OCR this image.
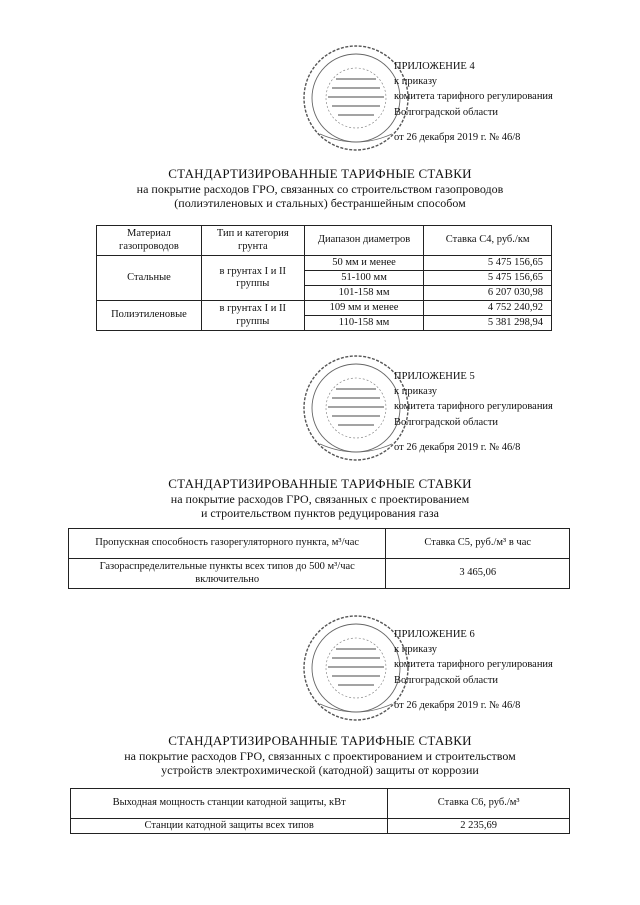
ПРИЛОЖЕНИЕ 4
к приказу
комитета тарифного регулирования
Волгоградской области
от 26 декабря 2019 г. № 46/8
СТАНДАРТИЗИРОВАННЫЕ ТАРИФНЫЕ СТАВКИ
на покрытие расходов ГРО, связанных со строительством газопроводов
(полиэтиленовых и стальных) бестраншейным способом
Материал газопроводов	Тип и категория грунта	Диапазон диаметров	Ставка С4, руб./км
Стальные	в грунтах I и II группы	50 мм и менее	5 475 156,65
		51-100 мм	5 475 156,65
		101-158 мм	6 207 030,98
Полиэтиленовые	в грунтах I и II группы	109 мм и менее	4 752 240,92
		110-158 мм	5 381 298,94
ПРИЛОЖЕНИЕ 5
к приказу
комитета тарифного регулирования
Волгоградской области
от 26 декабря 2019 г. № 46/8
СТАНДАРТИЗИРОВАННЫЕ ТАРИФНЫЕ СТАВКИ
на покрытие расходов ГРО, связанных с проектированием
и строительством пунктов редуцирования газа
Пропускная способность газорегуляторного пункта, м³/час	Ставка С5, руб./м³ в час
Газораспределительные пункты всех типов до 500 м³/час включительно	3 465,06
ПРИЛОЖЕНИЕ 6
к приказу
комитета тарифного регулирования
Волгоградской области
от 26 декабря 2019 г. № 46/8
СТАНДАРТИЗИРОВАННЫЕ ТАРИФНЫЕ СТАВКИ
на покрытие расходов ГРО, связанных с проектированием и строительством
устройств электрохимической (катодной) защиты от коррозии
Выходная мощность станции катодной защиты, кВт	Ставка С6, руб./м³
Станции катодной защиты всех типов	2 235,69
